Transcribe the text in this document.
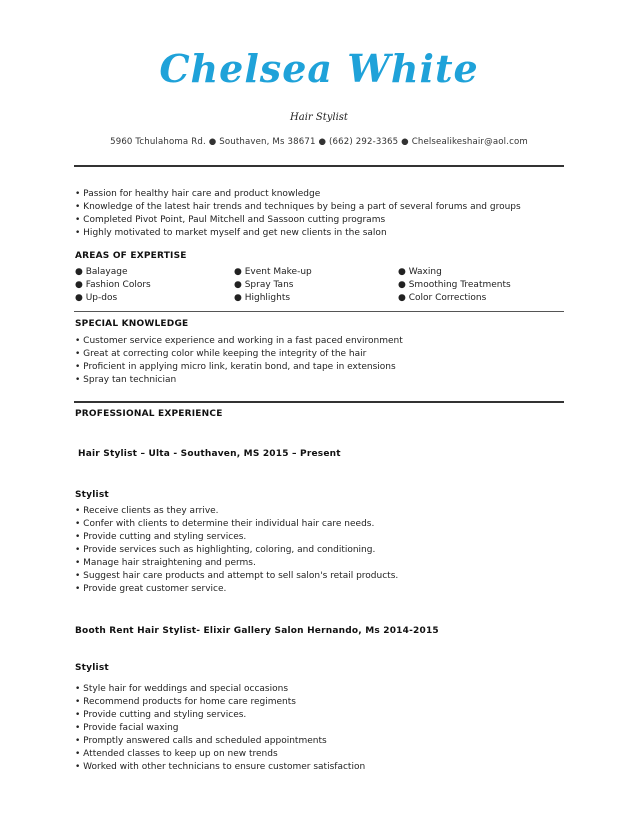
Chelsea White
Hair Stylist
5960 Tchulahoma Rd. ● Southaven, Ms 38671 ● (662) 292-3365 ● Chelsealikeshair@aol.com
• Passion for healthy hair care and product knowledge
• Knowledge of the latest hair trends and techniques by being a part of several forums and groups
• Completed Pivot Point, Paul Mitchell and Sassoon cutting programs
• Highly motivated to market myself and get new clients in the salon
AREAS OF EXPERTISE
● Balayage
● Fashion Colors
● Up-dos
● Event Make-up
● Spray Tans
● Highlights
● Waxing
● Smoothing Treatments
● Color Corrections
SPECIAL KNOWLEDGE
• Customer service experience and working in a fast paced environment
• Great at correcting color while keeping the integrity of the hair
• Proficient in applying micro link, keratin bond, and tape in extensions
• Spray tan technician
PROFESSIONAL EXPERIENCE
Hair Stylist – Ulta - Southaven, MS 2015 – Present
Stylist
• Receive clients as they arrive.
• Confer with clients to determine their individual hair care needs.
• Provide cutting and styling services.
• Provide services such as highlighting, coloring, and conditioning.
• Manage hair straightening and perms.
• Suggest hair care products and attempt to sell salon's retail products.
• Provide great customer service.
Booth Rent Hair Stylist- Elixir Gallery Salon Hernando, Ms 2014-2015
Stylist
• Style hair for weddings and special occasions
• Recommend products for home care regiments
• Provide cutting and styling services.
• Provide facial waxing
• Promptly answered calls and scheduled appointments
• Attended classes to keep up on new trends
• Worked with other technicians to ensure customer satisfaction
